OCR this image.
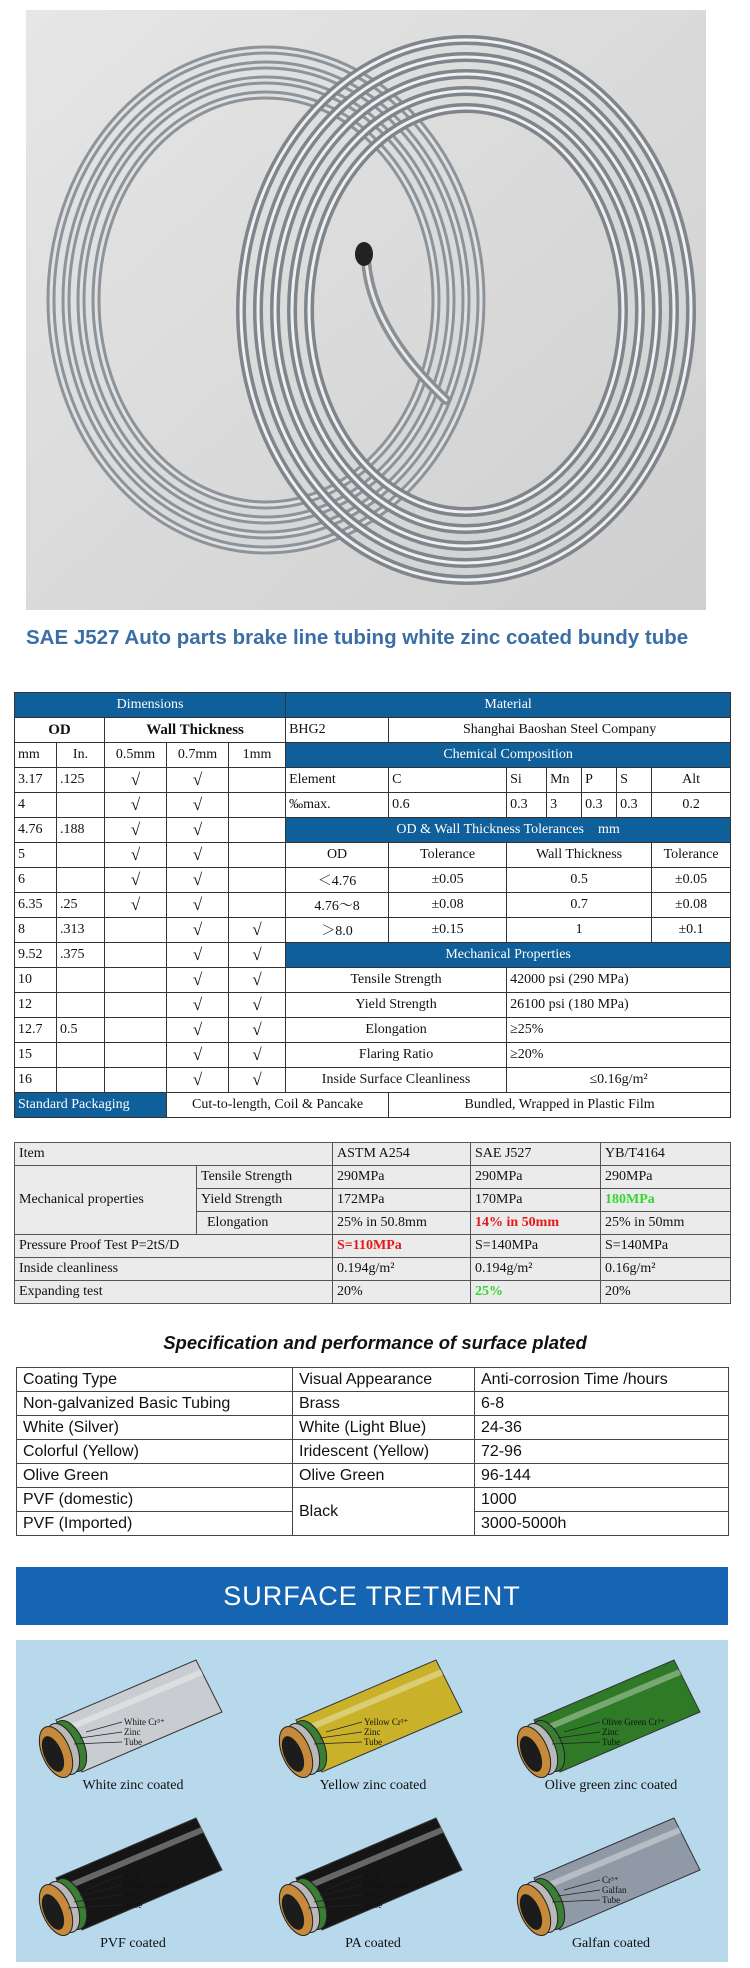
SAE J527 Auto parts brake line tubing white zinc coated bundy tube
Dimensions					Material						
OD		Wall Thickness			BHG2	Shanghai Baoshan Steel Company					
mm	In.	0.5mm	0.7mm	1mm	Chemical Composition						
3.17	.125	√	√		Element	C	Si	Mn	P	S	Alt
4		√	√		‰max.	0.6	0.3	3	0.3	0.3	0.2
4.76	.188	√	√		OD & Wall Thickness Tolerances mm						
5		√	√		OD	Tolerance	Wall Thickness				Tolerance
6		√	√		＜4.76	±0.05	0.5				±0.05
6.35	.25	√	√		4.76～8	±0.08	0.7				±0.08
8	.313		√	√	＞8.0	±0.15	1				±0.1
9.52	.375		√	√	Mechanical Properties						
10			√	√	Tensile Strength		42000 psi (290 MPa)				
12			√	√	Yield Strength		26100 psi (180 MPa)				
12.7	0.5		√	√	Elongation		≥25%				
15			√	√	Flaring Ratio		≥20%				
16			√	√	Inside Surface Cleanliness		≤0.16g/m²				
Standard Packaging			Cut-to-length, Coil & Pancake			Bundled, Wrapped in Plastic Film					
Item		ASTM A254	SAE J527	YB/T4164
Mechanical properties	Tensile Strength	290MPa	290MPa	290MPa
	Yield Strength	172MPa	170MPa	180MPa
	Elongation	25% in 50.8mm	14% in 50mm	25% in 50mm
Pressure Proof Test P=2tS/D		S=110MPa	S=140MPa	S=140MPa
Inside cleanliness		0.194g/m²	0.194g/m²	0.16g/m²
Expanding test		20%	25%	20%
Specification and performance of surface plated
Coating Type	Visual Appearance	Anti-corrosion Time /hours
Non-galvanized Basic Tubing	Brass	6-8
White (Silver)	White (Light Blue)	24-36
Colorful (Yellow)	Iridescent (Yellow)	72-96
Olive Green	Olive Green	96-144
PVF (domestic)	Black	1000
PVF (Imported)		3000-5000h
SURFACE TRETMENT
White Cr³⁺
Zinc
Tube
White zinc coated
Yellow Cr³⁺
Zinc
Tube
Yellow zinc coated
Olive Green Cr³⁺
Zinc
Tube
Olive green zinc coated
PVF
Olive Green Cr³⁺
Zinc
Tube
PVF coated
PAA
Olive Green Cr³⁺
Zinc
Tube
PA coated
Cr³⁺
Galfan
Tube
Galfan coated
